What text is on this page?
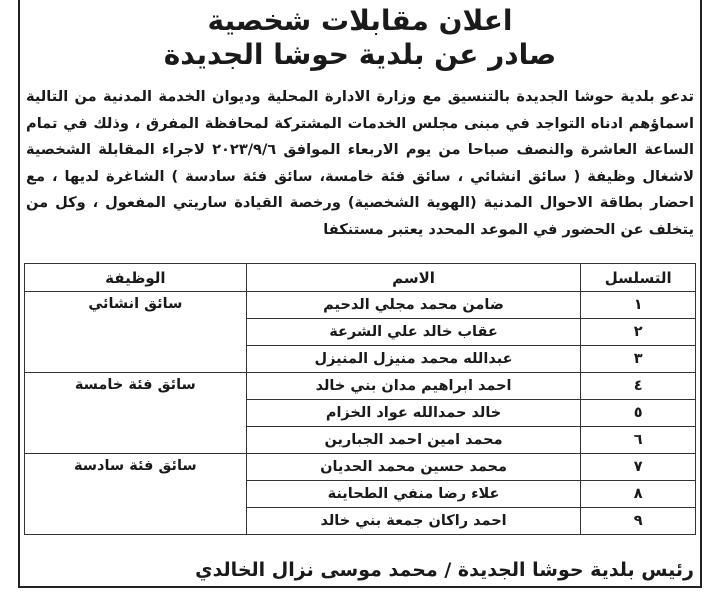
اعلان مقابلات شخصية
صادر عن بلدية حوشا الجديدة
تدعو بلدية حوشا الجديدة بالتنسيق مع وزارة الادارة المحلية وديوان الخدمة المدنية من التالية اسماؤهم ادناه التواجد في مبنى مجلس الخدمات المشتركة لمحافظة المفرق ، وذلك في تمام الساعة العاشرة والنصف صباحا من يوم الاربعاء الموافق ٢٠٢٣/٩/٦ لاجراء المقابلة الشخصية لاشغال وظيفة ( سائق انشائي ، سائق فئة خامسة، سائق فئة سادسة ) الشاغرة لديها ، مع احضار بطاقة الاحوال المدنية (الهوية الشخصية) ورخصة القيادة ساريتي المفعول ، وكل من يتخلف عن الحضور في الموعد المحدد يعتبر مستنكفا
التسلسل	الاسم	الوظيفة
١	ضامن محمد مجلي الدحيم	سائق انشائي
٢	عقاب خالد علي الشرعة	
٣	عبدالله محمد منيزل المنيزل	
٤	احمد ابراهيم مدان بني خالد	سائق فئة خامسة
٥	خالد حمدالله عواد الخزام	
٦	محمد امين احمد الجبارين	
٧	محمد حسين محمد الحديان	سائق فئة سادسة
٨	علاء رضا منفي الطحاينة	
٩	احمد راكان جمعة بني خالد	
رئيس بلدية حوشا الجديدة / محمد موسى نزال الخالدي
